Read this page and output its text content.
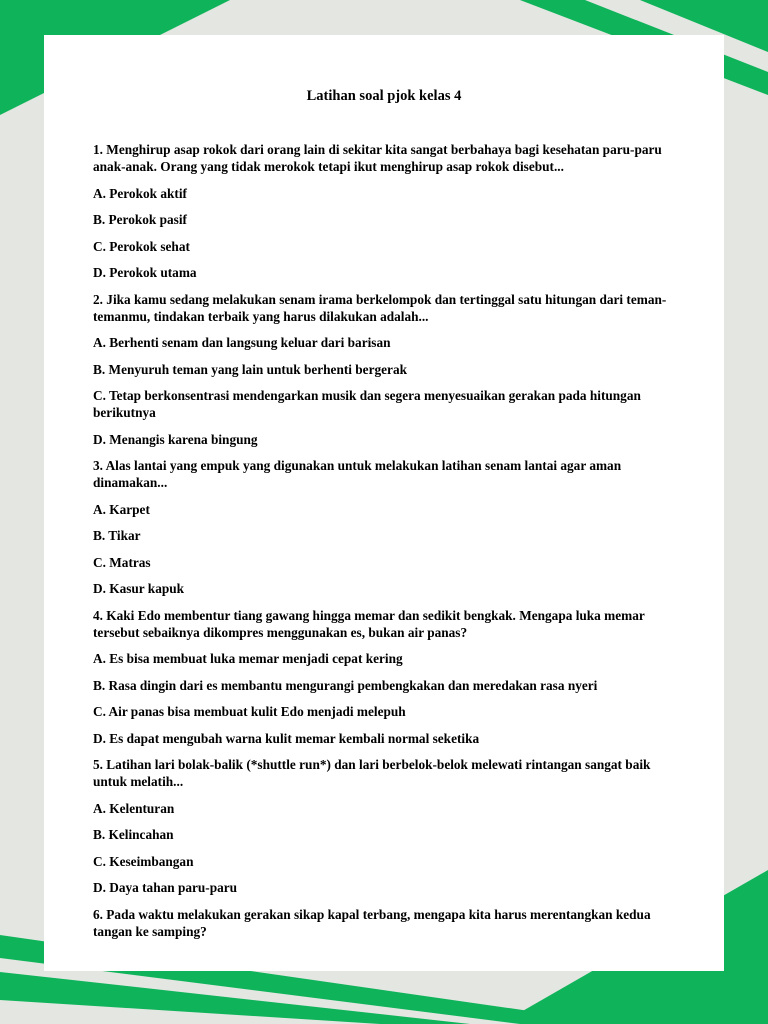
Latihan soal pjok kelas 4

1. Menghirup asap rokok dari orang lain di sekitar kita sangat berbahaya bagi kesehatan paru-paru anak-anak. Orang yang tidak merokok tetapi ikut menghirup asap rokok disebut...

A. Perokok aktif

B. Perokok pasif

C. Perokok sehat

D. Perokok utama

2. Jika kamu sedang melakukan senam irama berkelompok dan tertinggal satu hitungan dari teman-temanmu, tindakan terbaik yang harus dilakukan adalah...

A. Berhenti senam dan langsung keluar dari barisan

B. Menyuruh teman yang lain untuk berhenti bergerak

C. Tetap berkonsentrasi mendengarkan musik dan segera menyesuaikan gerakan pada hitungan berikutnya

D. Menangis karena bingung

3. Alas lantai yang empuk yang digunakan untuk melakukan latihan senam lantai agar aman dinamakan...

A. Karpet

B. Tikar

C. Matras

D. Kasur kapuk

4. Kaki Edo membentur tiang gawang hingga memar dan sedikit bengkak. Mengapa luka memar tersebut sebaiknya dikompres menggunakan es, bukan air panas?

A. Es bisa membuat luka memar menjadi cepat kering

B. Rasa dingin dari es membantu mengurangi pembengkakan dan meredakan rasa nyeri

C. Air panas bisa membuat kulit Edo menjadi melepuh

D. Es dapat mengubah warna kulit memar kembali normal seketika

5. Latihan lari bolak-balik (*shuttle run*) dan lari berbelok-belok melewati rintangan sangat baik untuk melatih...

A. Kelenturan

B. Kelincahan

C. Keseimbangan

D. Daya tahan paru-paru

6. Pada waktu melakukan gerakan sikap kapal terbang, mengapa kita harus merentangkan kedua tangan ke samping?
